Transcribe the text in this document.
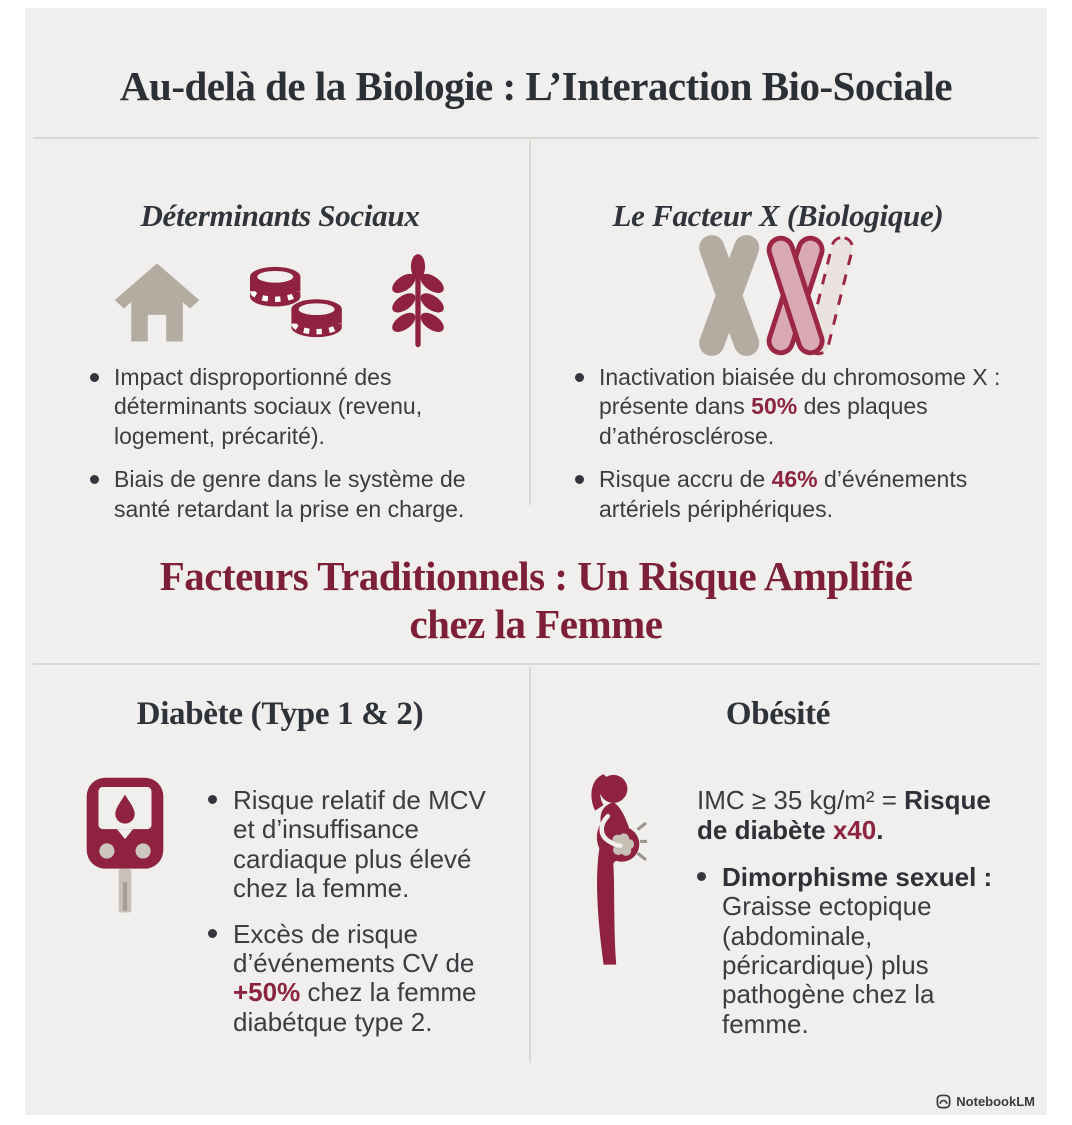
Au-delà de la Biologie : L’Interaction Bio-Sociale
Déterminants Sociaux
Impact disproportionné des déterminants sociaux (revenu, logement, précarité).
Biais de genre dans le système de santé retardant la prise en charge.
Le Facteur X (Biologique)
Inactivation biaisée du chromosome X : présente dans 50% des plaques d’athérosclérose.
Risque accru de 46% d’événements artériels périphériques.
Facteurs Traditionnels : Un Risque Amplifié
chez la Femme
Diabète (Type 1 & 2)
Risque relatif de MCV et d’insuffisance cardiaque plus élevé chez la femme.
Excès de risque d’événements CV de +50% chez la femme diabétque type 2.
Obésité

IMC ≥ 35 kg/m² = Risque de diabète x40.

Dimorphisme sexuel : Graisse ectopique (abdominale, péricardique) plus pathogène chez la femme.
NotebookLM
